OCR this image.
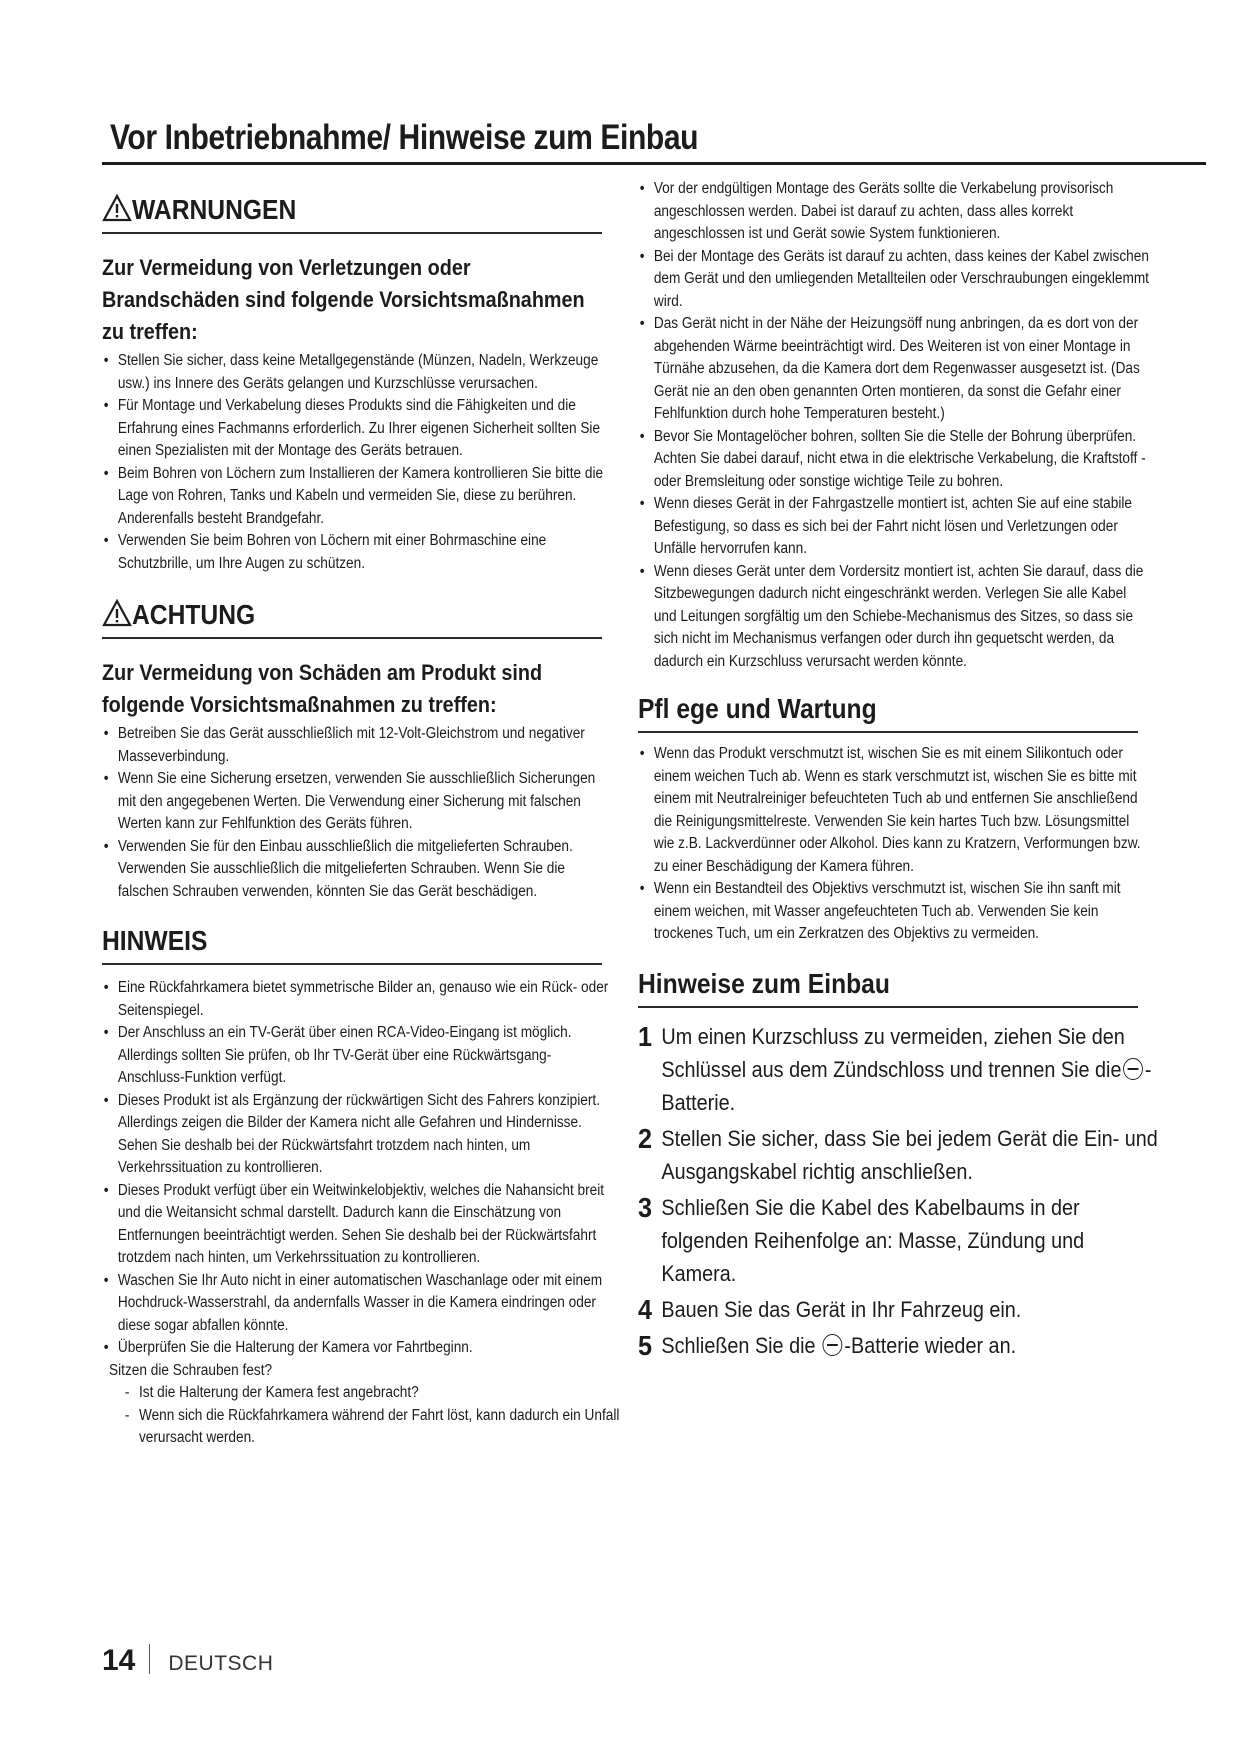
Vor Inbetriebnahme/ Hinweise zum Einbau
WARNUNGEN
Zur Vermeidung von Verletzungen oder Brandschäden sind folgende Vorsichtsmaßnahmen zu treffen:
• Stellen Sie sicher, dass keine Metallgegenstände (Münzen, Nadeln, Werkzeuge usw.) ins Innere des Geräts gelangen und Kurzschlüsse verursachen.
• Für Montage und Verkabelung dieses Produkts sind die Fähigkeiten und die Erfahrung eines Fachmanns erforderlich. Zu Ihrer eigenen Sicherheit sollten Sie einen Spezialisten mit der Montage des Geräts betrauen.
• Beim Bohren von Löchern zum Installieren der Kamera kontrollieren Sie bitte die Lage von Rohren, Tanks und Kabeln und vermeiden Sie, diese zu berühren. Anderenfalls besteht Brandgefahr.
• Verwenden Sie beim Bohren von Löchern mit einer Bohrmaschine eine Schutzbrille, um Ihre Augen zu schützen.
ACHTUNG
Zur Vermeidung von Schäden am Produkt sind folgende Vorsichtsmaßnahmen zu treffen:
• Betreiben Sie das Gerät ausschließlich mit 12-Volt-Gleichstrom und negativer Masseverbindung.
• Wenn Sie eine Sicherung ersetzen, verwenden Sie ausschließlich Sicherungen mit den angegebenen Werten. Die Verwendung einer Sicherung mit falschen Werten kann zur Fehlfunktion des Geräts führen.
• Verwenden Sie für den Einbau ausschließlich die mitgelieferten Schrauben. Verwenden Sie ausschließlich die mitgelieferten Schrauben. Wenn Sie die falschen Schrauben verwenden, könnten Sie das Gerät beschädigen.
HINWEIS
• Eine Rückfahrkamera bietet symmetrische Bilder an, genauso wie ein Rück- oder Seitenspiegel.
• Der Anschluss an ein TV-Gerät über einen RCA-Video-Eingang ist möglich. Allerdings sollten Sie prüfen, ob Ihr TV-Gerät über eine Rückwärtsgang-Anschluss-Funktion verfügt.
• Dieses Produkt ist als Ergänzung der rückwärtigen Sicht des Fahrers konzipiert. Allerdings zeigen die Bilder der Kamera nicht alle Gefahren und Hindernisse. Sehen Sie deshalb bei der Rückwärtsfahrt trotzdem nach hinten, um Verkehrssituation zu kontrollieren.
• Dieses Produkt verfügt über ein Weitwinkelobjektiv, welches die Nahansicht breit und die Weitansicht schmal darstellt. Dadurch kann die Einschätzung von Entfernungen beeinträchtigt werden. Sehen Sie deshalb bei der Rückwärtsfahrt trotzdem nach hinten, um Verkehrssituation zu kontrollieren.
• Waschen Sie Ihr Auto nicht in einer automatischen Waschanlage oder mit einem Hochdruck-Wasserstrahl, da andernfalls Wasser in die Kamera eindringen oder diese sogar abfallen könnte.
• Überprüfen Sie die Halterung der Kamera vor Fahrtbeginn.
Sitzen die Schrauben fest?
- Ist die Halterung der Kamera fest angebracht?
- Wenn sich die Rückfahrkamera während der Fahrt löst, kann dadurch ein Unfall verursacht werden.
• Vor der endgültigen Montage des Geräts sollte die Verkabelung provisorisch angeschlossen werden. Dabei ist darauf zu achten, dass alles korrekt angeschlossen ist und Gerät sowie System funktionieren.
• Bei der Montage des Geräts ist darauf zu achten, dass keines der Kabel zwischen dem Gerät und den umliegenden Metallteilen oder Verschraubungen eingeklemmt wird.
• Das Gerät nicht in der Nähe der Heizungsöff nung anbringen, da es dort von der abgehenden Wärme beeinträchtigt wird. Des Weiteren ist von einer Montage in Türnähe abzusehen, da die Kamera dort dem Regenwasser ausgesetzt ist. (Das Gerät nie an den oben genannten Orten montieren, da sonst die Gefahr einer Fehlfunktion durch hohe Temperaturen besteht.)
• Bevor Sie Montagelöcher bohren, sollten Sie die Stelle der Bohrung überprüfen. Achten Sie dabei darauf, nicht etwa in die elektrische Verkabelung, die Kraftstoff - oder Bremsleitung oder sonstige wichtige Teile zu bohren.
• Wenn dieses Gerät in der Fahrgastzelle montiert ist, achten Sie auf eine stabile Befestigung, so dass es sich bei der Fahrt nicht lösen und Verletzungen oder Unfälle hervorrufen kann.
• Wenn dieses Gerät unter dem Vordersitz montiert ist, achten Sie darauf, dass die Sitzbewegungen dadurch nicht eingeschränkt werden. Verlegen Sie alle Kabel und Leitungen sorgfältig um den Schiebe-Mechanismus des Sitzes, so dass sie sich nicht im Mechanismus verfangen oder durch ihn gequetscht werden, da dadurch ein Kurzschluss verursacht werden könnte.
Pfl ege und Wartung
• Wenn das Produkt verschmutzt ist, wischen Sie es mit einem Silikontuch oder einem weichen Tuch ab. Wenn es stark verschmutzt ist, wischen Sie es bitte mit einem mit Neutralreiniger befeuchteten Tuch ab und entfernen Sie anschließend die Reinigungsmittelreste. Verwenden Sie kein hartes Tuch bzw. Lösungsmittel wie z.B. Lackverdünner oder Alkohol. Dies kann zu Kratzern, Verformungen bzw. zu einer Beschädigung der Kamera führen.
• Wenn ein Bestandteil des Objektivs verschmutzt ist, wischen Sie ihn sanft mit einem weichen, mit Wasser angefeuchteten Tuch ab. Verwenden Sie kein trockenes Tuch, um ein Zerkratzen des Objektivs zu vermeiden.
Hinweise zum Einbau
1 Um einen Kurzschluss zu vermeiden, ziehen Sie den Schlüssel aus dem Zündschloss und trennen Sie die -Batterie.
2 Stellen Sie sicher, dass Sie bei jedem Gerät die Ein- und Ausgangskabel richtig anschließen.
3 Schließen Sie die Kabel des Kabelbaums in der folgenden Reihenfolge an: Masse, Zündung und Kamera.
4 Bauen Sie das Gerät in Ihr Fahrzeug ein.
5 Schließen Sie die -Batterie wieder an.
14 DEUTSCH
